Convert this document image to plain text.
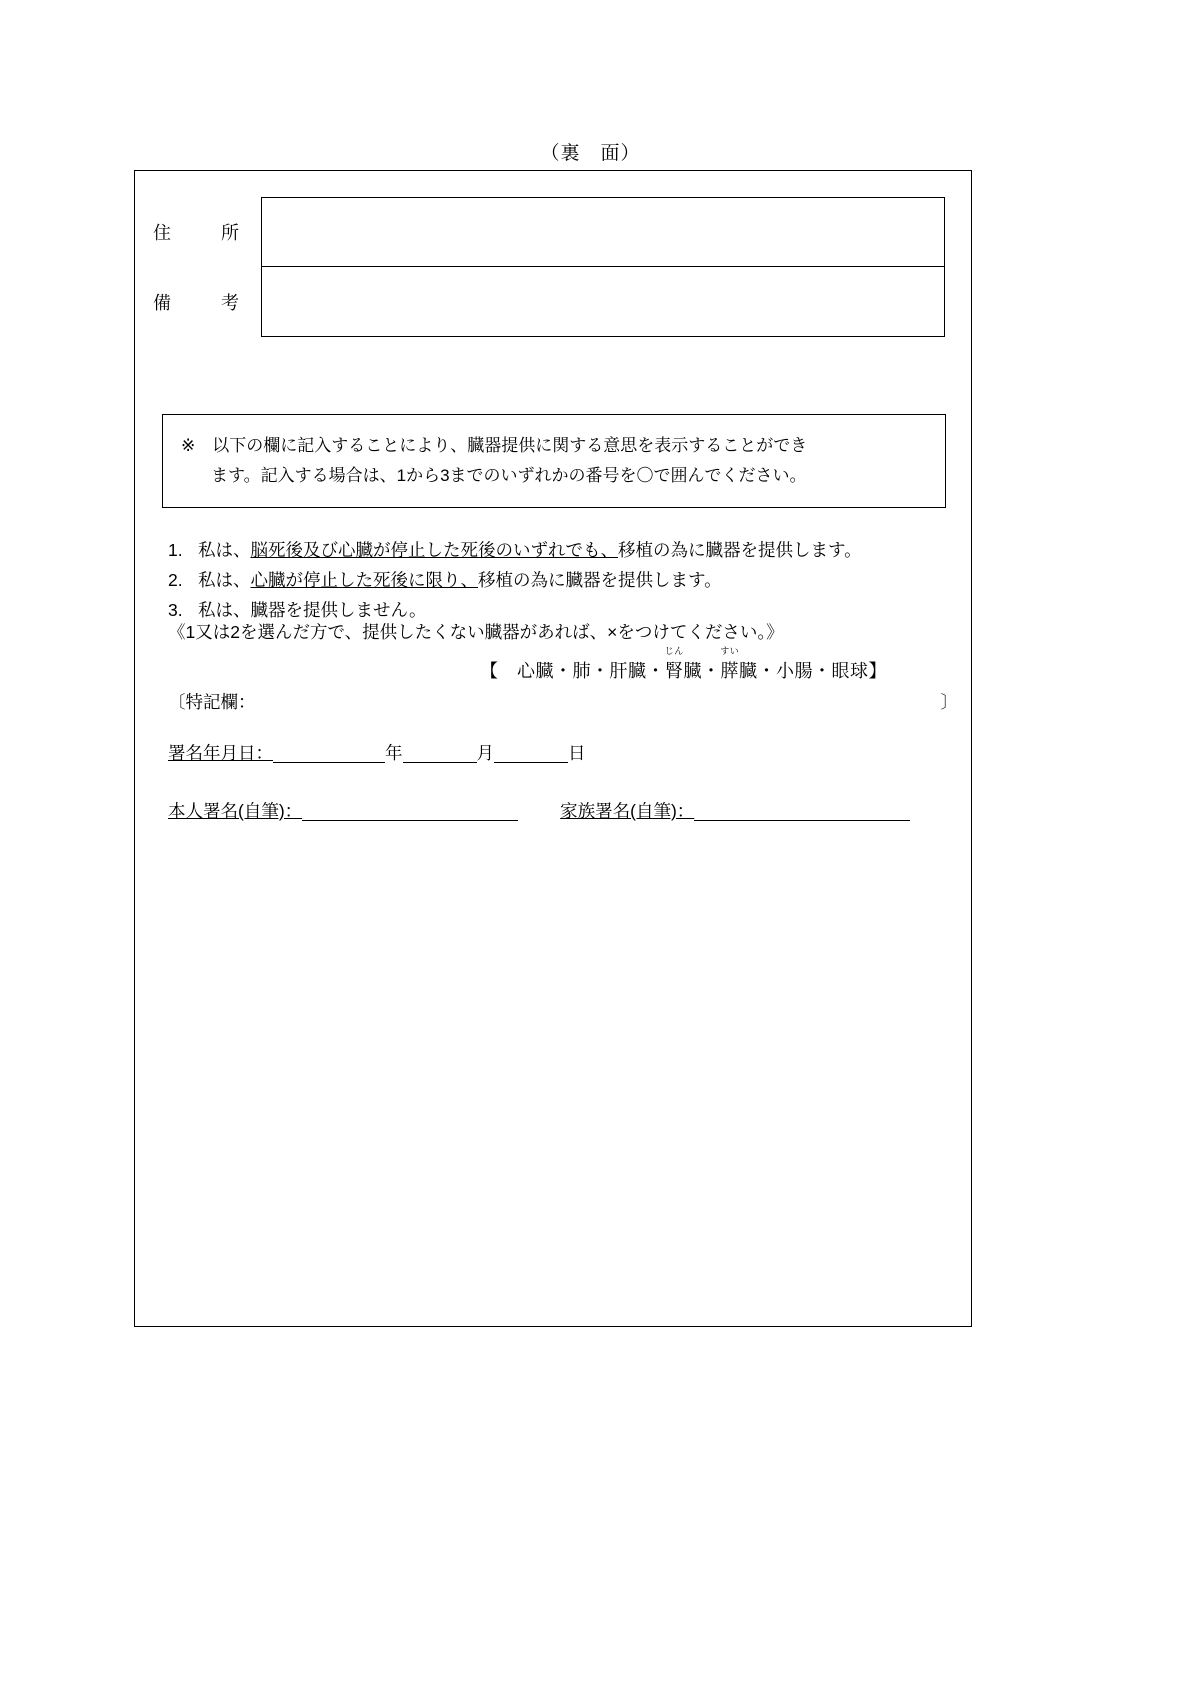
（裏　面）
住	所
備	考
※　以下の欄に記入することにより、臓器提供に関する意思を表示することができ
ます。記入する場合は、1から3までのいずれかの番号を〇で囲んでください。
1. 私は、脳死後及び心臓が停止した死後のいずれでも、移植の為に臓器を提供します。
2. 私は、心臓が停止した死後に限り、移植の為に臓器を提供します。
3. 私は、臓器を提供しません。
《1又は2を選んだ方で、提供したくない臓器があれば、×をつけてください。》
【　心臓・肺・肝臓・
じん
腎臓・
すい
膵臓・小腸・眼球】
〔特記欄：	〕
署名年月日：	年	月	日
本人署名(自筆)：	家族署名(自筆)：
